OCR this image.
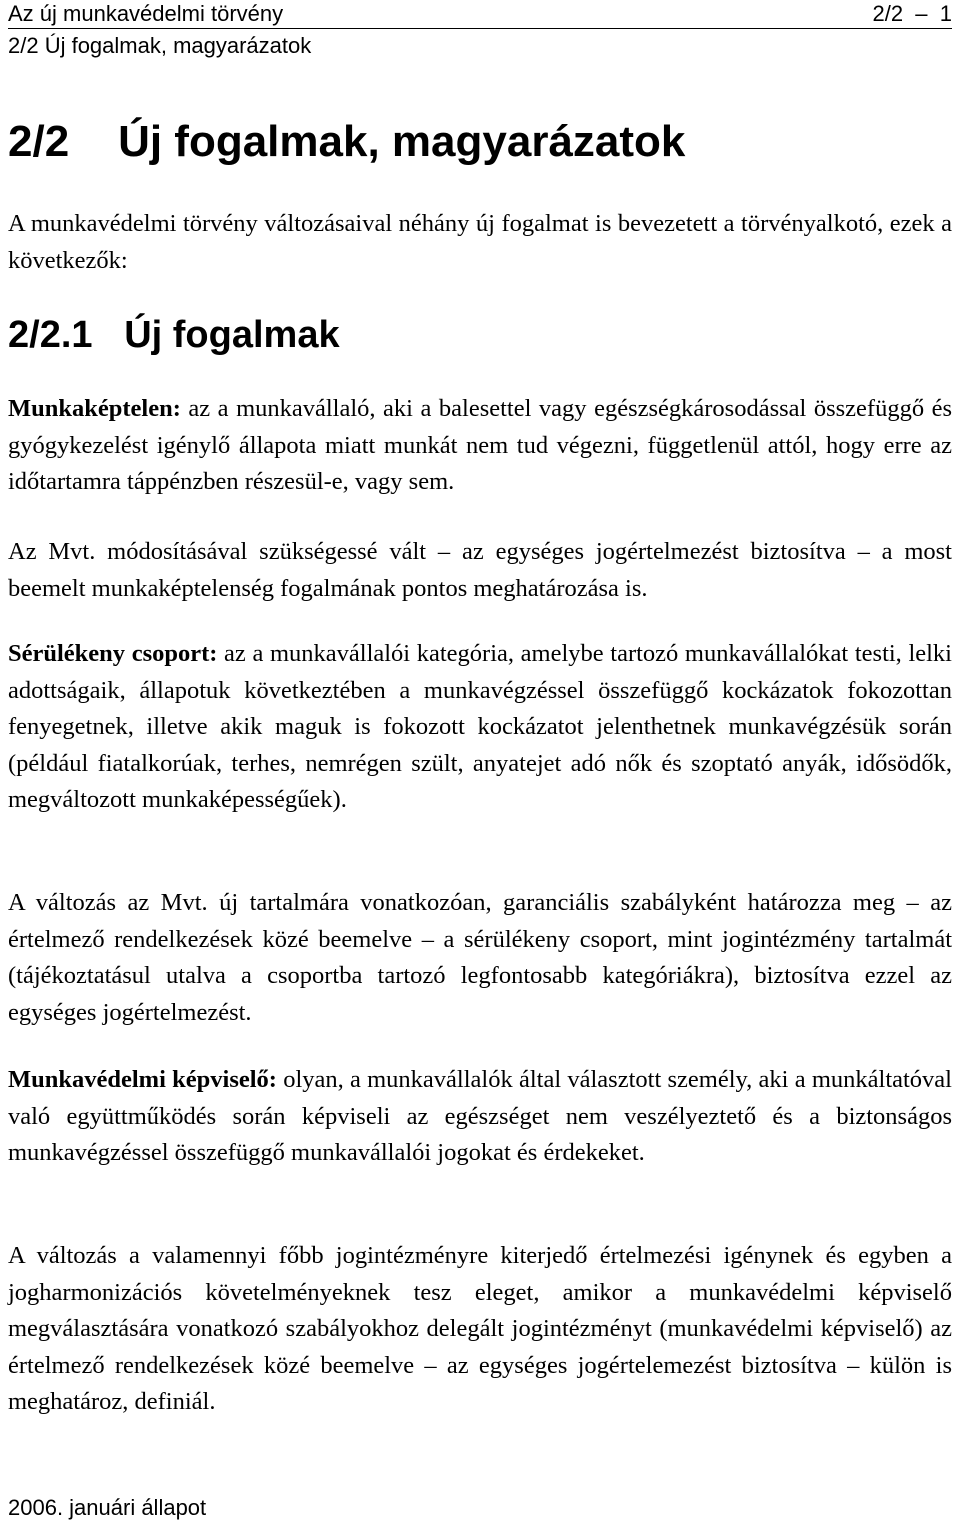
Az új munkavédelmi törvény	2/2  –  1
2/2 Új fogalmak, magyarázatok
2/2 Új fogalmak, magyarázatok
A munkavédelmi törvény változásaival néhány új fogalmat is bevezetett a törvényalkotó, ezek a következők:
2/2.1 Új fogalmak
Munkaképtelen: az a munkavállaló, aki a balesettel vagy egészségkárosodással összefüggő és gyógykezelést igénylő állapota miatt munkát nem tud végezni, függetlenül attól, hogy erre az időtartamra táppénzben részesül-e, vagy sem.
Az Mvt. módosításával szükségessé vált – az egységes jogértelmezést biztosítva – a most beemelt munkaképtelenség fogalmának pontos meghatározása is.
Sérülékeny csoport: az a munkavállalói kategória, amelybe tartozó munkavállalókat testi, lelki adottságaik, állapotuk következtében a munkavégzéssel összefüggő kockázatok fokozottan fenyegetnek, illetve akik maguk is fokozott kockázatot jelenthetnek munkavégzésük során (például fiatalkorúak, terhes, nemrégen szült, anyatejet adó nők és szoptató anyák, idősödők, megváltozott munkaképességűek).
A változás az Mvt. új tartalmára vonatkozóan, garanciális szabályként határozza meg – az értelmező rendelkezések közé beemelve – a sérülékeny csoport, mint jogintézmény tartalmát (tájékoztatásul utalva a csoportba tartozó legfontosabb kategóriákra), biztosítva ezzel az egységes jogértelmezést.
Munkavédelmi képviselő: olyan, a munkavállalók által választott személy, aki a munkáltatóval való együttműködés során képviseli az egészséget nem veszélyeztető és a biztonságos munkavégzéssel összefüggő munkavállalói jogokat és érdekeket.
A változás a valamennyi főbb jogintézményre kiterjedő értelmezési igénynek és egyben a jogharmonizációs követelményeknek tesz eleget, amikor a munkavédelmi képviselő megválasztására vonatkozó szabályokhoz delegált jogintézményt (munkavédelmi képviselő) az értelmező rendelkezések közé beemelve – az egységes jogértelemezést biztosítva – külön is meghatároz, definiál.
2006. januári állapot
